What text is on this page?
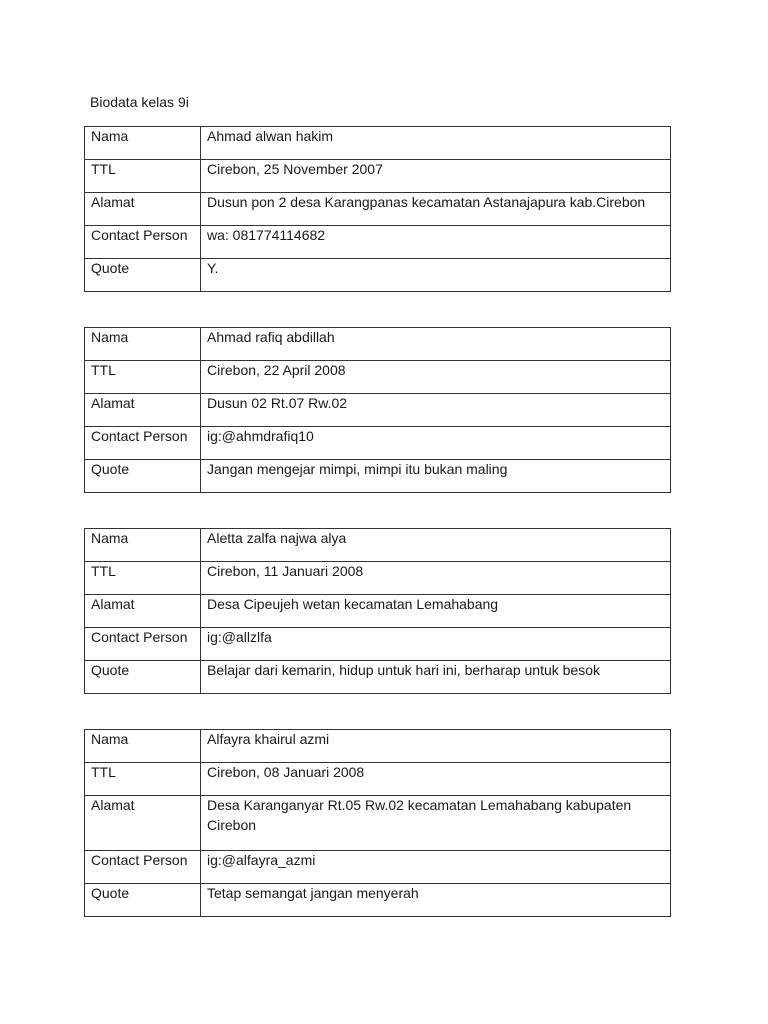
Biodata kelas 9i
Nama	Ahmad alwan hakim

TTL	Cirebon, 25 November 2007

Alamat	Dusun pon 2 desa Karangpanas kecamatan Astanajapura kab.Cirebon

Contact Person	wa: 081774114682

Quote	Y.
Nama	Ahmad rafiq abdillah

TTL	Cirebon, 22 April 2008

Alamat	Dusun 02 Rt.07 Rw.02

Contact Person	ig:@ahmdrafiq10

Quote	Jangan mengejar mimpi, mimpi itu bukan maling
Nama	Aletta zalfa najwa alya

TTL	Cirebon, 11 Januari 2008

Alamat	Desa Cipeujeh wetan kecamatan Lemahabang

Contact Person	ig:@allzlfa

Quote	Belajar dari kemarin, hidup untuk hari ini, berharap untuk besok
Nama	Alfayra khairul azmi

TTL	Cirebon, 08 Januari 2008

Alamat	Desa Karanganyar Rt.05 Rw.02 kecamatan Lemahabang kabupaten Cirebon

Contact Person	ig:@alfayra_azmi

Quote	Tetap semangat jangan menyerah
